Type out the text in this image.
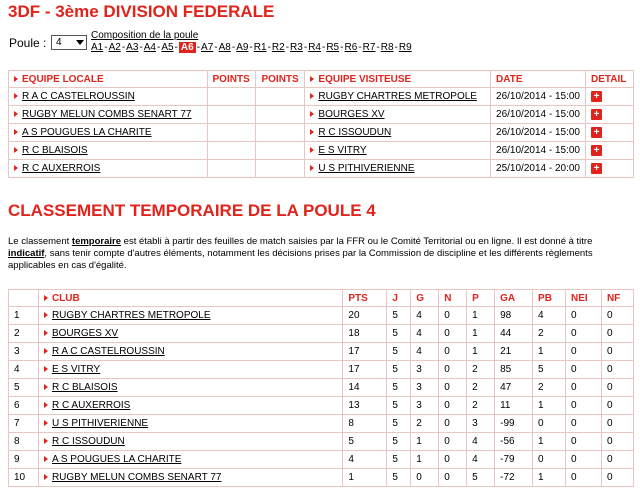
3DF - 3ème DIVISION FEDERALE
Poule : 4
Composition de la poule
A1 - A2 - A3 - A4 - A5 - A6 - A7 - A8 - A9 - R1 - R2 - R3 - R4 - R5 - R6 - R7 - R8 - R9
EQUIPE LOCALE	POINTS	POINTS	EQUIPE VISITEUSE	DATE	DETAIL
R A C CASTELROUSSIN			RUGBY CHARTRES METROPOLE	26/10/2014 - 15:00	+
RUGBY MELUN COMBS SENART 77			BOURGES XV	26/10/2014 - 15:00	+
A S POUGUES LA CHARITE			R C ISSOUDUN	26/10/2014 - 15:00	+
R C BLAISOIS			E S VITRY	26/10/2014 - 15:00	+
R C AUXERROIS			U S PITHIVERIENNE	25/10/2014 - 20:00	+
CLASSEMENT TEMPORAIRE DE LA POULE 4
Le classement temporaire est établi à partir des feuilles de match saisies par la FFR ou le Comité Territorial ou en ligne. Il est donné à titre indicatif, sans tenir compte d'autres éléments, notamment les décisions prises par la Commission de discipline et les différents règlements applicables en cas d'égalité.
	CLUB	PTS	J	G	N	P	GA	PB	NEI	NF
1	RUGBY CHARTRES METROPOLE	20	5	4	0	1	98	4	0	0
2	BOURGES XV	18	5	4	0	1	44	2	0	0
3	R A C CASTELROUSSIN	17	5	4	0	1	21	1	0	0
4	E S VITRY	17	5	3	0	2	85	5	0	0
5	R C BLAISOIS	14	5	3	0	2	47	2	0	0
6	R C AUXERROIS	13	5	3	0	2	11	1	0	0
7	U S PITHIVERIENNE	8	5	2	0	3	-99	0	0	0
8	R C ISSOUDUN	5	5	1	0	4	-56	1	0	0
9	A S POUGUES LA CHARITE	4	5	1	0	4	-79	0	0	0
10	RUGBY MELUN COMBS SENART 77	1	5	0	0	5	-72	1	0	0
